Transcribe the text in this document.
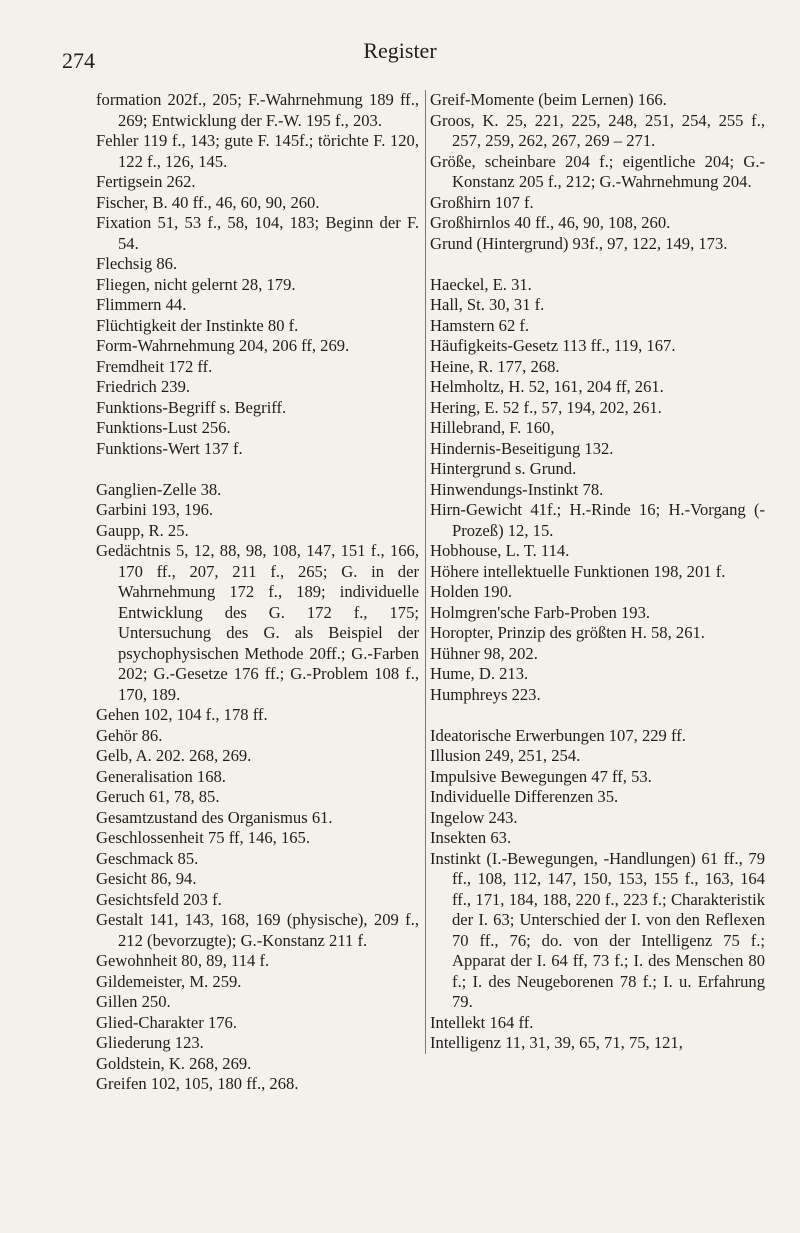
274	Register
formation 202f., 205; F.-Wahrnehmung 189 ff., 269; Entwicklung der F.-W. 195 f., 203.
Fehler 119 f., 143; gute F. 145f.; törichte F. 120, 122 f., 126, 145.
Fertigsein 262.
Fischer, B. 40 ff., 46, 60, 90, 260.
Fixation 51, 53 f., 58, 104, 183; Beginn der F. 54.
Flechsig 86.
Fliegen, nicht gelernt 28, 179.
Flimmern 44.
Flüchtigkeit der Instinkte 80 f.
Form-Wahrnehmung 204, 206 ff, 269.
Fremdheit 172 ff.
Friedrich 239.
Funktions-Begriff s. Begriff.
Funktions-Lust 256.
Funktions-Wert 137 f.
Ganglien-Zelle 38.
Garbini 193, 196.
Gaupp, R. 25.
Gedächtnis 5, 12, 88, 98, 108, 147, 151 f., 166, 170 ff., 207, 211 f., 265; G. in der Wahrnehmung 172 f., 189; individuelle Entwicklung des G. 172 f., 175; Untersuchung des G. als Beispiel der psychophysischen Methode 20ff.; G.-Farben 202; G.-Gesetze 176 ff.; G.-Problem 108 f., 170, 189.
Gehen 102, 104 f., 178 ff.
Gehör 86.
Gelb, A. 202. 268, 269.
Generalisation 168.
Geruch 61, 78, 85.
Gesamtzustand des Organismus 61.
Geschlossenheit 75 ff, 146, 165.
Geschmack 85.
Gesicht 86, 94.
Gesichtsfeld 203 f.
Gestalt 141, 143, 168, 169 (physische), 209 f., 212 (bevorzugte); G.-Konstanz 211 f.
Gewohnheit 80, 89, 114 f.
Gildemeister, M. 259.
Gillen 250.
Glied-Charakter 176.
Gliederung 123.
Goldstein, K. 268, 269.
Greifen 102, 105, 180 ff., 268.
Greif-Momente (beim Lernen) 166.
Groos, K. 25, 221, 225, 248, 251, 254, 255 f., 257, 259, 262, 267, 269 – 271.
Größe, scheinbare 204 f.; eigentliche 204; G.-Konstanz 205 f., 212; G.-Wahrnehmung 204.
Großhirn 107 f.
Großhirnlos 40 ff., 46, 90, 108, 260.
Grund (Hintergrund) 93f., 97, 122, 149, 173.
Haeckel, E. 31.
Hall, St. 30, 31 f.
Hamstern 62 f.
Häufigkeits-Gesetz 113 ff., 119, 167.
Heine, R. 177, 268.
Helmholtz, H. 52, 161, 204 ff, 261.
Hering, E. 52 f., 57, 194, 202, 261.
Hillebrand, F. 160,
Hindernis-Beseitigung 132.
Hintergrund s. Grund.
Hinwendungs-Instinkt 78.
Hirn-Gewicht 41f.; H.-Rinde 16; H.-Vorgang (-Prozeß) 12, 15.
Hobhouse, L. T. 114.
Höhere intellektuelle Funktionen 198, 201 f.
Holden 190.
Holmgren'sche Farb-Proben 193.
Horopter, Prinzip des größten H. 58, 261.
Hühner 98, 202.
Hume, D. 213.
Humphreys 223.
Ideatorische Erwerbungen 107, 229 ff.
Illusion 249, 251, 254.
Impulsive Bewegungen 47 ff, 53.
Individuelle Differenzen 35.
Ingelow 243.
Insekten 63.
Instinkt (I.-Bewegungen, -Handlungen) 61 ff., 79 ff., 108, 112, 147, 150, 153, 155 f., 163, 164 ff., 171, 184, 188, 220 f., 223 f.; Charakteristik der I. 63; Unterschied der I. von den Reflexen 70 ff., 76; do. von der Intelligenz 75 f.; Apparat der I. 64 ff, 73 f.; I. des Menschen 80 f.; I. des Neugeborenen 78 f.; I. u. Erfahrung 79.
Intellekt 164 ff.
Intelligenz 11, 31, 39, 65, 71, 75, 121,
